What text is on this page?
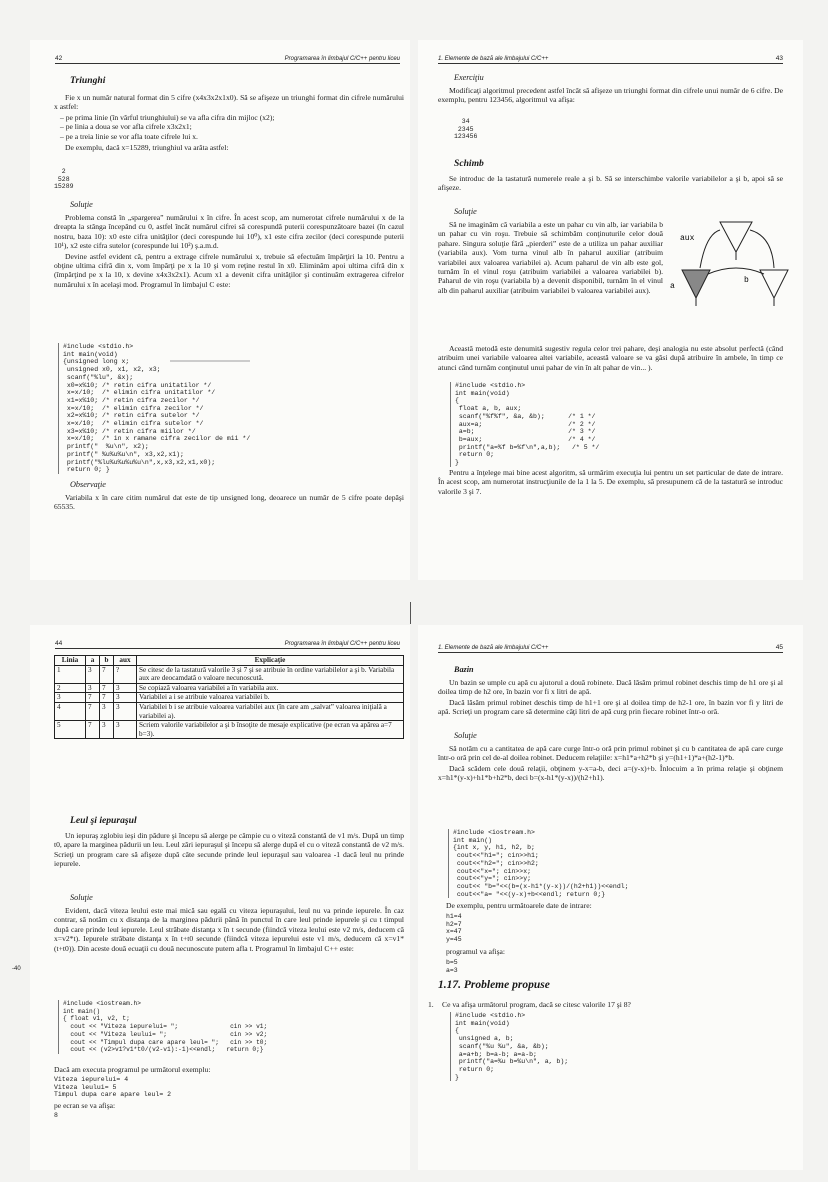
42	Programarea în limbajul C/C++ pentru liceu
Triunghi

Fie x un număr natural format din 5 cifre (x4x3x2x1x0). Să se afişeze un triunghi format din cifrele numărului x astfel:

– pe prima linie (în vârful triunghiului) se va afla cifra din mijloc (x2);
– pe linia a doua se vor afla cifrele x3x2x1;
– pe a treia linie se vor afla toate cifrele lui x.

De exemplu, dacă x=15289, triunghiul va arăta astfel:

2
528
15289
Soluţie

Problema constă în „spargerea” numărului x în cifre. În acest scop, am numerotat cifrele numărului x de la dreapta la stânga începând cu 0, astfel încât numărul cifrei să corespundă puterii corespunzătoare bazei (în cazul nostru, baza 10): x0 este cifra unităţilor (deci corespunde lui 10⁰), x1 este cifra zecilor (deci corespunde puterii 10¹), x2 este cifra sutelor (corespunde lui 10²) ş.a.m.d.

Devine astfel evident că, pentru a extrage cifrele numărului x, trebuie să efectuăm împărţiri la 10. Pentru a obţine ultima cifră din x, vom împărţi pe x la 10 şi vom reţine restul în x0. Eliminăm apoi ultima cifră din x (împărţind pe x la 10, x devine x4x3x2x1). Acum x1 a devenit cifra unităţilor şi continuăm extragerea cifrelor numărului x în acelaşi mod. Programul în limbajul C este:

#include <stdio.h>
int main(void)
{unsigned long x;
unsigned x0, x1, x2, x3;
scanf("%lu", &x);
x0=x%10; /* retin cifra unitatilor */
x=x/10;  /* elimin cifra unitatilor */
x1=x%10; /* retin cifra zecilor */
x=x/10;  /* elimin cifra zecilor */
x2=x%10; /* retin cifra sutelor */
x=x/10;  /* elimin cifra sutelor */
x3=x%10; /* retin cifra miilor */
x=x/10;  /* in x ramane cifra zecilor de mii */
printf("  %u\n", x2);
printf(" %u%u%u\n", x3,x2,x1);
printf("%lu%u%u%u%u\n",x,x3,x2,x1,x0);
return 0; }
Observaţie

Variabila x în care citim numărul dat este de tip unsigned long, deoarece un număr de 5 cifre poate depăşi 65535.

1. Elemente de bază ale limbajului C/C++	43
Exerciţiu

Modificaţi algoritmul precedent astfel încât să afişeze un triunghi format din cifrele unui număr de 6 cifre. De exemplu, pentru 123456, algoritmul va afişa:

34
2345
123456
Schimb

Se introduc de la tastatură numerele reale a şi b. Să se interschimbe valorile variabilelor a şi b, apoi să se afişeze.

Soluţie

Să ne imaginăm că variabila a este un pahar cu vin alb, iar variabila b un pahar cu vin roşu. Trebuie să schimbăm conţinuturile celor două pahare. Singura soluţie fără „pierderi” este de a utiliza un pahar auxiliar (variabila aux). Vom turna vinul alb în paharul auxiliar (atribuim variabilei aux valoarea variabilei a). Acum paharul de vin alb este gol, turnăm în el vinul roşu (atribuim variabilei a valoarea variabilei b). Paharul de vin roşu (variabila b) a devenit disponibil, turnăm în el vinul alb din paharul auxiliar (atribuim variabilei b valoarea variabilei aux).

aux
a
b

Această metodă este denumită sugestiv regula celor trei pahare, deşi analogia nu este absolut perfectă (când atribuim unei variabile valoarea altei variabile, această valoare se va găsi după atribuire în ambele, în timp ce atunci când turnăm conţinutul unui pahar de vin în alt pahar de vin... ).

#include <stdio.h>
int main(void)
{
float a, b, aux;
scanf("%f%f", &a, &b);      /* 1 */
aux=a;                      /* 2 */
a=b;                        /* 3 */
b=aux;                      /* 4 */
printf("a=%f b=%f\n",a,b);   /* 5 */
return 0;
}

Pentru a înţelege mai bine acest algoritm, să urmărim execuţia lui pentru un set particular de date de intrare. În acest scop, am numerotat instrucţiunile de la 1 la 5. De exemplu, să presupunem că de la tastatură se introduc valorile 3 şi 7.

44	Programarea în limbajul C/C++ pentru liceu
Linia	a	b	aux	Explicaţie
1	3	7	?	Se citesc de la tastatură valorile 3 şi 7 şi se atribuie în ordine variabilelor a şi b. Variabila aux are deocamdată o valoare necunoscută.
2	3	7	3	Se copiază valoarea variabilei a în variabila aux.
3	7	7	3	Variabilei a i se atribuie valoarea variabilei b.
4	7	3	3	Variabilei b i se atribuie valoarea variabilei aux (în care am „salvat” valoarea iniţială a variabilei a).
5	7	3	3	Scriem valorile variabilelor a şi b însoţite de mesaje explicative (pe ecran va apărea a=7 b=3).
Leul şi iepuraşul

Un iepuraş zglobiu ieşi din pădure şi începu să alerge pe câmpie cu o viteză constantă de v1 m/s. După un timp t0, apare la marginea pădurii un leu. Leul zări iepuraşul şi începu să alerge după el cu o viteză constantă de v2 m/s. Scrieţi un program care să afişeze după câte secunde prinde leul iepuraşul sau valoarea -1 dacă leul nu prinde iepurele.

Soluţie

Evident, dacă viteza leului este mai mică sau egală cu viteza iepuraşului, leul nu va prinde iepurele. În caz contrar, să notăm cu x distanţa de la marginea pădurii până în punctul în care leul prinde iepurele şi cu t timpul după care prinde leul iepurele. Leul străbate distanţa x în t secunde (fiindcă viteza leului este v2 m/s, deducem că x=v2*t). Iepurele străbate distanţa x în t+t0 secunde (fiindcă viteza iepurelui este v1 m/s, deducem că x=v1*(t+t0)). Din aceste două ecuaţii cu două necunoscute putem afla t. Programul în limbajul C++ este:

#include <iostream.h>
int main()
{ float v1, v2, t;
cout << "Viteza iepurelui= ";              cin >> v1;
cout << "Viteza leului= ";                 cin >> v2;
cout << "Timpul dupa care apare leul= ";   cin >> t0;
cout << (v2>v1?v1*t0/(v2-v1):-1)<<endl;   return 0;}

Dacă am executa programul pe următorul exemplu:

Viteza iepurelui= 4
Viteza leului= 5
Timpul dupa care apare leul= 2

pe ecran se va afişa:

8
-40
1. Elemente de bază ale limbajului C/C++	45
Bazin

Un bazin se umple cu apă cu ajutorul a două robinete. Dacă lăsăm primul robinet deschis timp de h1 ore şi al doilea timp de h2 ore, în bazin vor fi x litri de apă.

Dacă lăsăm primul robinet deschis timp de h1+1 ore şi al doilea timp de h2-1 ore, în bazin vor fi y litri de apă. Scrieţi un program care să determine câţi litri de apă curg prin fiecare robinet într-o oră.

Soluţie

Să notăm cu a cantitatea de apă care curge într-o oră prin primul robinet şi cu b cantitatea de apă care curge într-o oră prin cel de-al doilea robinet. Deducem relaţiile: x=h1*a+h2*b şi y=(h1+1)*a+(h2-1)*b.

Dacă scădem cele două relaţii, obţinem y-x=a-b, deci a=(y-x)+b. Înlocuim a în prima relaţie şi obţinem x=h1*(y-x)+h1*b+h2*b, deci b=(x-h1*(y-x))/(h2+h1).

#include <iostream.h>
int main()
{int x, y, h1, h2, b;
cout<<"h1="; cin>>h1;
cout<<"h2="; cin>>h2;
cout<<"x="; cin>>x;
cout<<"y="; cin>>y;
cout<< "b="<<(b=(x-h1*(y-x))/(h2+h1))<<endl;
cout<<"a= "<<(y-x)+b<<endl; return 0;}

De exemplu, pentru următoarele date de intrare:

h1=4
h2=7
x=47
y=45

programul va afişa:

b=5
a=3
1.17. Probleme propuse

1. Ce va afişa următorul program, dacă se citesc valorile 17 şi 8?

#include <stdio.h>
int main(void)
{
unsigned a, b;
scanf("%u %u", &a, &b);
a=a+b; b=a-b; a=a-b;
printf("a=%u b=%u\n", a, b);
return 0;
}
